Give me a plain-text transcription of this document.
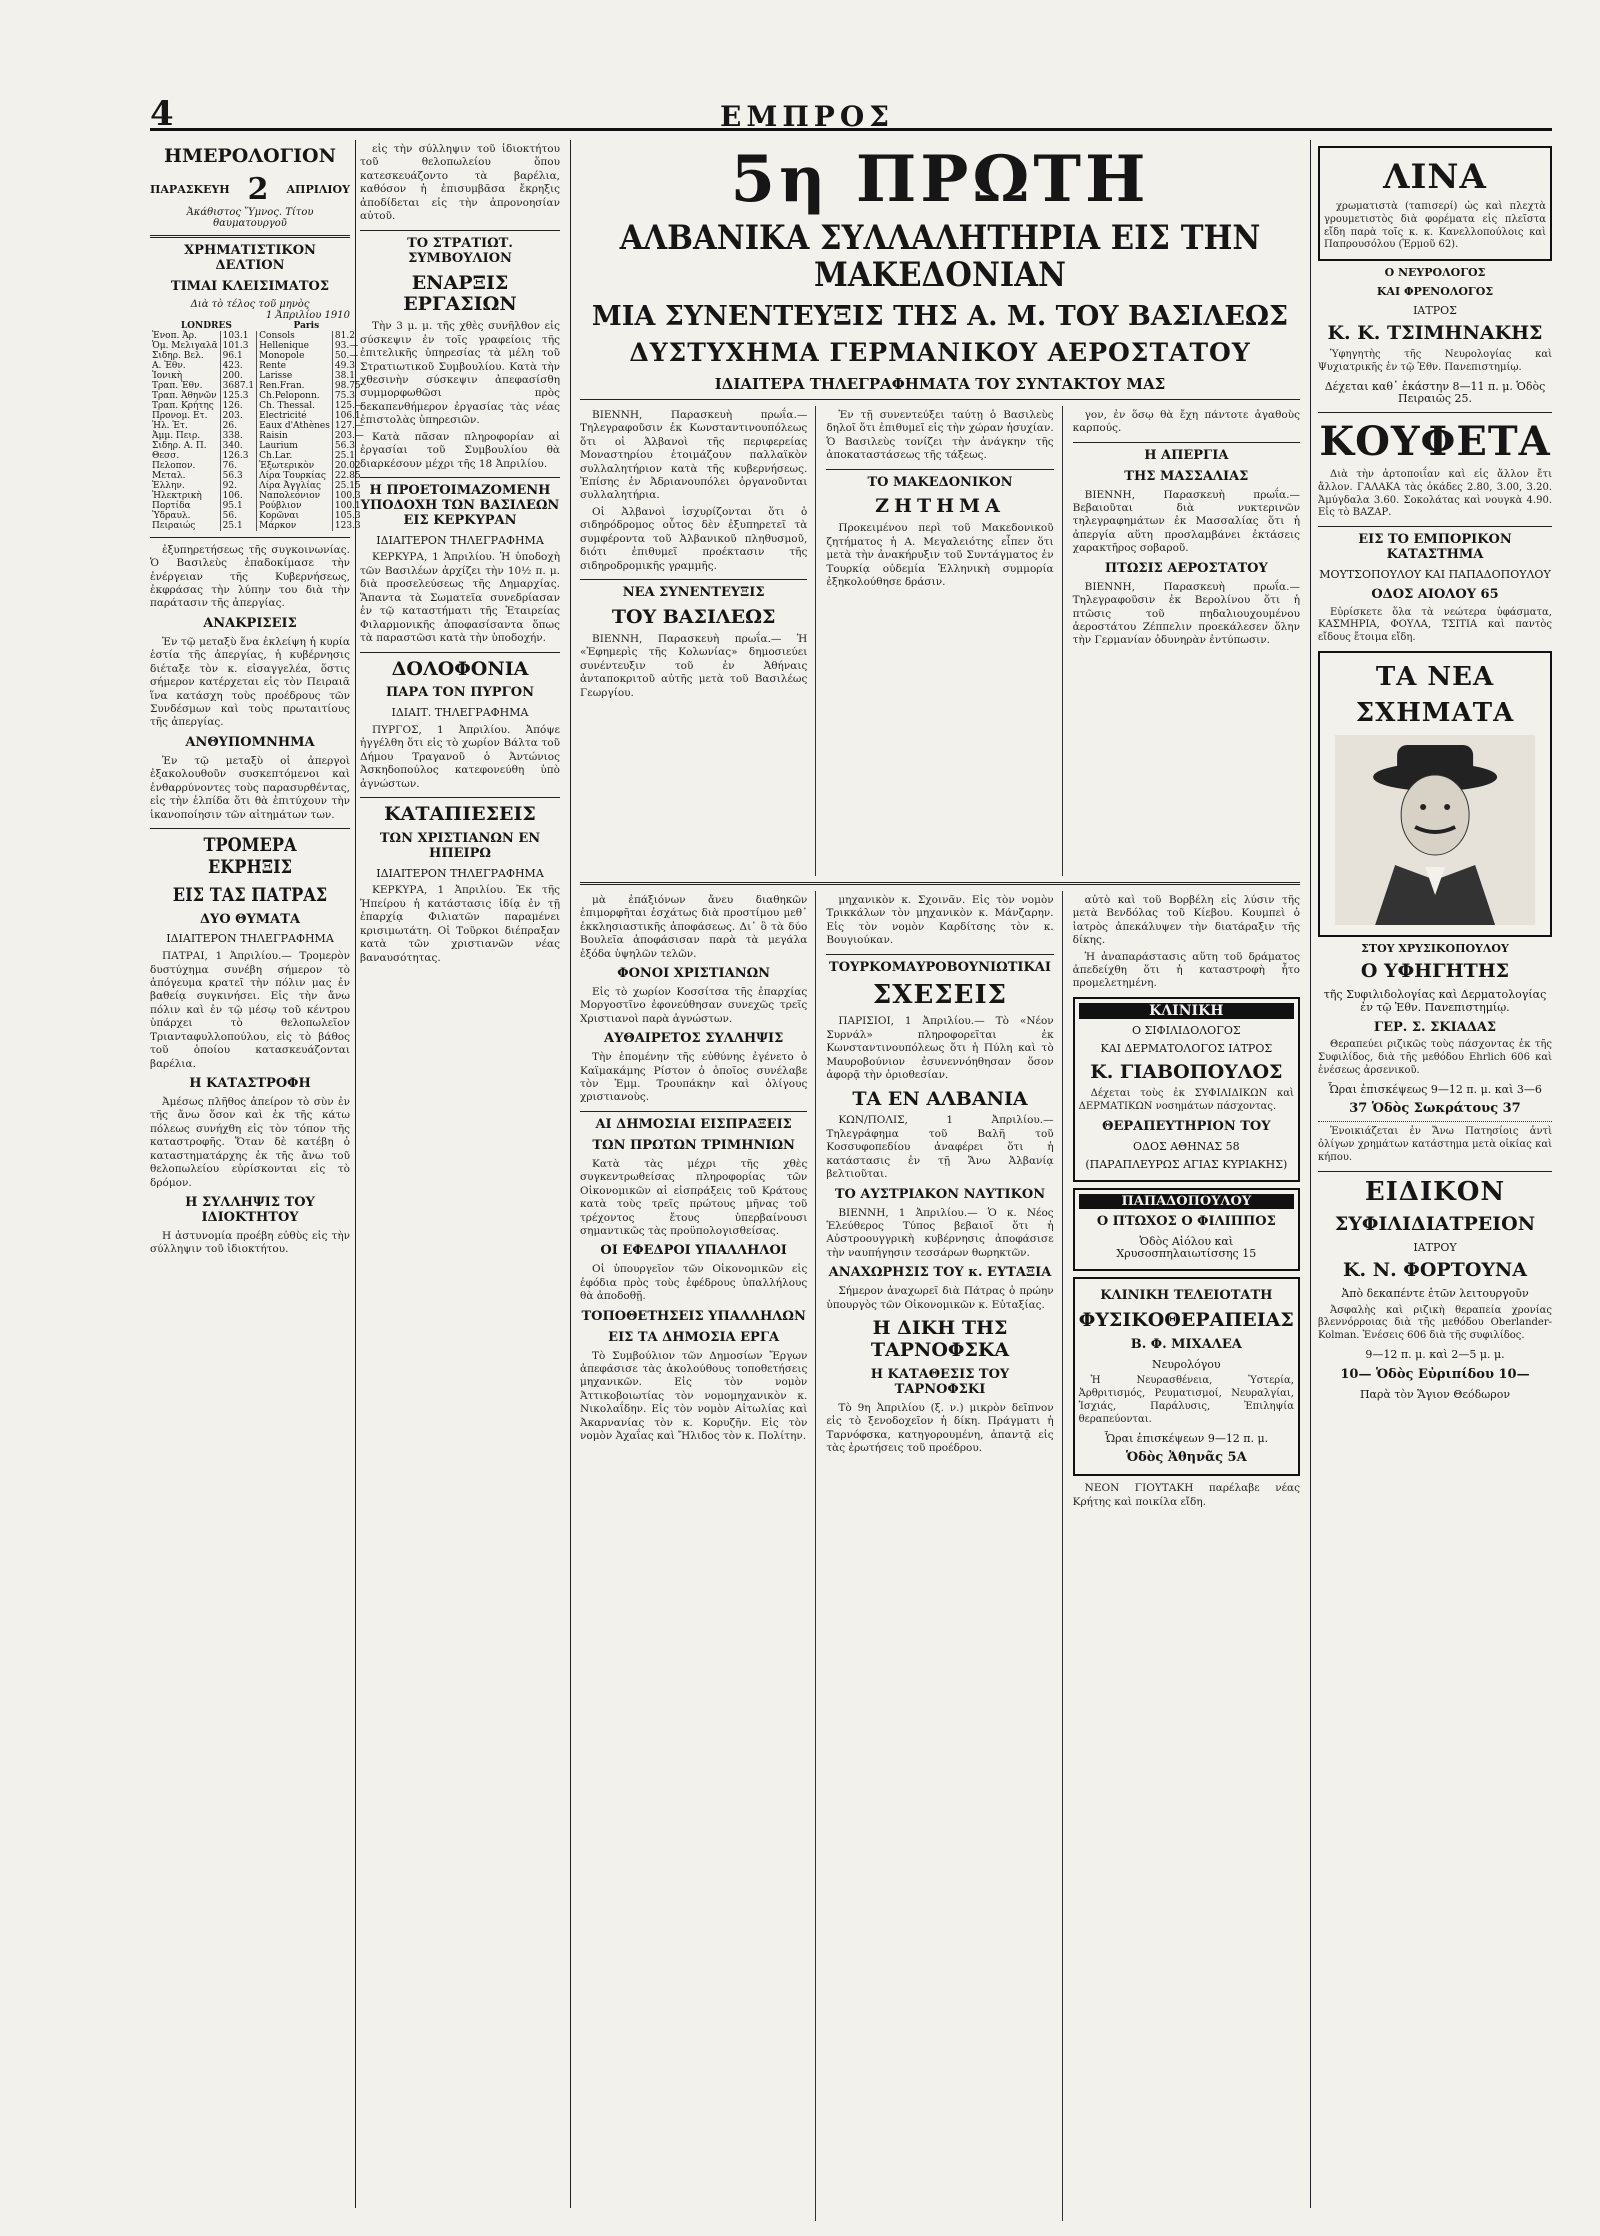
4	ΕΜΠΡΟΣ
ΗΜΕΡΟΛΟΓΙΟΝ
ΠΑΡΑΣΚΕΥΗ 2 ΑΠΡΙΛΙΟΥ
Ἀκάθιστος Ὕμνος. Τίτου θαυματουργοῦ
ΧΡΗΜΑΤΙΣΤΙΚΟΝ ΔΕΛΤΙΟΝ
ΤΙΜΑΙ ΚΛΕΙΣΙΜΑΤΟΣ
Διὰ τὸ τέλος τοῦ μηνὸς
1 Ἀπριλίου 1910
LONDRES	Paris
Ἐνοπ. Ἀρ.	103.1	Consols	81.2
Ὁμ. Μελιγαλᾶ	101.3	Hellenique	93.—
Σιδηρ. Βελ.	96.1	Monopole	50.—
Α. Ἐθν.	423.	Rente	49.3
Ἰονικὴ	200.	Larisse	38.1
Τραπ. Ἐθν.	3687.1	Ren.Fran.	98.75
Τραπ. Ἀθηνῶν	125.3	Ch.Peloponn.	75.3
Τραπ. Κρήτης	126.	Ch. Thessal.	125.—
Προνομ. Ετ.	203.	Electricité	106.1
Ἠλ. Ἑτ.	26.	Eaux d'Athènes	127.—
Ἀμμ. Πειρ.	338.	Raisin	203.—
Σιδηρ. Α. Π.	340.	Laurium	56.3
Θεσσ.	126.3	Ch.Lar.	25.1
Πελοπον.	76.	Ἐξωτερικὸν	20.02
Μεταλ.	56.3	Λίρα Τουρκίας	22.85
Ἑλλην.	92.	Λίρα Ἀγγλίας	25.15
Ἠλεκτρικὴ	106.	Ναπολεόνιον	100.3
Πορτίδα	95.1	Ρούβλιον	100.1
Ὑδραυλ.	56.	Κορῶναι	105.3
Πειραιώς	25.1	Μάρκον	123.3

ἐξυπηρετήσεως τῆς συγκοινωνίας. Ὁ Βασιλεὺς ἐπαδοκίμασε τὴν ἐνέργειαν τῆς Κυβερνήσεως, ἐκφράσας τὴν λύπην του διὰ τὴν παράτασιν τῆς ἀπεργίας.

ΑΝΑΚΡΙΣΕΙΣ

Ἐν τῷ μεταξὺ ἕνα ἐκλείψη ἡ κυρία ἑστία τῆς ἀπεργίας, ἡ κυβέρνησις διέταξε τὸν κ. εἰσαγγελέα, ὅστις σήμερον κατέρχεται εἰς τὸν Πειραιᾶ ἵνα κατάσχη τοὺς προέδρους τῶν Συνδέσμων καὶ τοὺς πρωταιτίους τῆς ἀπεργίας.

ΑΝΘΥΠΟΜΝΗΜΑ

Ἐν τῷ μεταξὺ οἱ ἀπεργοὶ ἐξακολουθοῦν συσκεπτόμενοι καὶ ἐνθαρρύνοντες τοὺς παρασυρθέντας, εἰς τὴν ἐλπίδα ὅτι θὰ ἐπιτύχουν τὴν ἱκανοποίησιν τῶν αἰτημάτων των.

ΤΡΟΜΕΡΑ ΕΚΡΗΞΙΣ
ΕΙΣ ΤΑΣ ΠΑΤΡΑΣ
ΔΥΟ ΘΥΜΑΤΑ
ΙΔΙΑΙΤΕΡΟΝ ΤΗΛΕΓΡΑΦΗΜΑ

ΠΑΤΡΑΙ, 1 Ἀπριλίου.— Τρομερὸν δυστύχημα συνέβη σήμερον τὸ ἀπόγευμα κρατεῖ τὴν πόλιν μας ἐν βαθείᾳ συγκινήσει. Εἰς τὴν ἄνω πόλιν καὶ ἐν τῷ μέσῳ τοῦ κέντρου ὑπάρχει τὸ θελοπωλεῖον Τριανταφυλλοπούλου, εἰς τὸ βάθος τοῦ ὁποίου κατασκευάζονται βαρέλια.

Η ΚΑΤΑΣΤΡΟΦΗ

Ἀμέσως πλῆθος ἀπείρον τὸ σὺν ἐν τῆς ἄνω ὅσον καὶ ἐκ τῆς κάτω πόλεως συνήχθη εἰς τὸν τόπον τῆς καταστροφῆς. Ὅταν δὲ κατέβη ὁ καταστηματάρχης ἐκ τῆς ἄνω τοῦ θελοπωλείου εὐρίσκονται εἰς τὸ δρόμον.

Η ΣΥΛΛΗΨΙΣ ΤΟΥ ΙΔΙΟΚΤΗΤΟΥ

Η ἀστυνομία προέβη εὐθὺς εἰς τὴν σύλληψιν τοῦ ἰδιοκτήτου.

εἰς τὴν σύλληψιν τοῦ ἰδιοκτήτου τοῦ θελοπωλείου ὅπου κατεσκευάζοντο τὰ βαρέλια, καθόσον ἡ ἐπισυμβᾶσα ἔκρηξις ἀποδίδεται εἰς τὴν ἀπρονοησίαν αὐτοῦ.

ΤΟ ΣΤΡΑΤΙΩΤ. ΣΥΜΒΟΥΛΙΟΝ
ΕΝΑΡΞΙΣ ΕΡΓΑΣΙΩΝ

Τὴν 3 μ. μ. τῆς χθὲς συνῆλθον εἰς σύσκεψιν ἐν τοῖς γραφείοις τῆς ἐπιτελικῆς ὑπηρεσίας τὰ μέλη τοῦ Στρατιωτικοῦ Συμβουλίου. Κατὰ τὴν χθεσινὴν σύσκεψιν ἀπεφασίσθη συμμορφωθῶσι πρὸς δεκαπενθήμερον ἐργασίας τὰς νέας ἐπιστολὰς ὑπηρεσιῶν.

Κατὰ πᾶσαν πληροφορίαν αἱ ἐργασίαι τοῦ Συμβουλίου θὰ διαρκέσουν μέχρι τῆς 18 Ἀπριλίου.

Η ΠΡΟΕΤΟΙΜΑΖΟΜΕΝΗ ΥΠΟΔΟΧΗ ΤΩΝ ΒΑΣΙΛΕΩΝ ΕΙΣ ΚΕΡΚΥΡΑΝ
ΙΔΙΑΙΤΕΡΟΝ ΤΗΛΕΓΡΑΦΗΜΑ

ΚΕΡΚΥΡΑ, 1 Ἀπριλίου. Ἡ ὑποδοχὴ τῶν Βασιλέων ἀρχίζει τὴν 10½ π. μ. διὰ προσελεύσεως τῆς Δημαρχίας. Ἅπαντα τὰ Σωματεῖα συνεδρίασαν ἐν τῷ καταστήματι τῆς Ἑταιρείας Φιλαρμονικῆς ἀποφασίσαντα ὅπως τὰ παραστῶσι κατὰ τὴν ὑποδοχήν.

ΔΟΛΟΦΟΝΙΑ
ΠΑΡΑ ΤΟΝ ΠΥΡΓΟΝ
ΙΔΙΑΙΤ. ΤΗΛΕΓΡΑΦΗΜΑ

ΠΥΡΓΟΣ, 1 Ἀπριλίου. Ἀπόψε ἠγγέλθη ὅτι εἰς τὸ χωρίον Βάλτα τοῦ Δήμου Τραγανοῦ ὁ Ἀντώνιος Ἀσκηδοπούλος κατεφονεύθη ὑπὸ ἀγνώστων.

ΚΑΤΑΠΙΕΣΕΙΣ
ΤΩΝ ΧΡΙΣΤΙΑΝΩΝ ΕΝ ΗΠΕΙΡΩ
ΙΔΙΑΙΤΕΡΟΝ ΤΗΛΕΓΡΑΦΗΜΑ

ΚΕΡΚΥΡΑ, 1 Ἀπριλίου. Ἐκ τῆς Ἠπείρου ἡ κατάστασις ἰδίᾳ ἐν τῇ ἐπαρχίᾳ Φιλιατῶν παραμένει κρισιμωτάτη. Οἱ Τοῦρκοι διέπραξαν κατὰ τῶν χριστιανῶν νέας βαναυσότητας.

5η ΠΡΩΤΗ
ΑΛΒΑΝΙΚΑ ΣΥΛΛΑΛΗΤΗΡΙΑ ΕΙΣ ΤΗΝ ΜΑΚΕΔΟΝΙΑΝ
ΜΙΑ ΣΥΝΕΝΤΕΥΞΙΣ ΤΗΣ Α. Μ. ΤΟΥ ΒΑΣΙΛΕΩΣ
ΔΥΣΤΥΧΗΜΑ ΓΕΡΜΑΝΙΚΟΥ ΑΕΡΟΣΤΑΤΟΥ
ΙΔΙΑΙΤΕΡΑ ΤΗΛΕΓΡΑΦΗΜΑΤΑ ΤΟΥ ΣΥΝΤΑΚΤΟΥ ΜΑΣ

ΒΙΕΝΝΗ, Παρασκευὴ πρωΐα.— Τηλεγραφοῦσιν ἐκ Κωνσταντινουπόλεως ὅτι οἱ Ἀλβανοὶ τῆς περιφερείας Μοναστηρίου ἑτοιμάζουν παλλαϊκὸν συλλαλητήριον κατὰ τῆς κυβερνήσεως. Ἐπίσης ἐν Ἀδριανουπόλει ὀργανοῦνται συλλαλητήρια.

Οἱ Ἀλβανοὶ ἰσχυρίζονται ὅτι ὁ σιδηρόδρομος οὗτος δὲν ἐξυπηρετεῖ τὰ συμφέροντα τοῦ Ἀλβανικοῦ πληθυσμοῦ, διότι ἐπιθυμεῖ προέκτασιν τῆς σιδηροδρομικῆς γραμμῆς.

ΝΕΑ ΣΥΝΕΝΤΕΥΞΙΣ
ΤΟΥ ΒΑΣΙΛΕΩΣ

ΒΙΕΝΝΗ, Παρασκευὴ πρωΐα.— Ἡ «Ἐφημερὶς τῆς Κολωνίας» δημοσιεύει συνέντευξιν τοῦ ἐν Ἀθήναις ἀνταποκριτοῦ αὐτῆς μετὰ τοῦ Βασιλέως Γεωργίου.

Ἐν τῇ συνεντεύξει ταύτῃ ὁ Βασιλεὺς δηλοῖ ὅτι ἐπιθυμεῖ εἰς τὴν χώραν ἡσυχίαν. Ὁ Βασιλεὺς τονίζει τὴν ἀνάγκην τῆς ἀποκαταστάσεως τῆς τάξεως.

ΤΟ ΜΑΚΕΔΟΝΙΚΟΝ
ΖΗΤΗΜΑ

Προκειμένου περὶ τοῦ Μακεδονικοῦ ζητήματος ἡ Α. Μεγαλειότης εἶπεν ὅτι μετὰ τὴν ἀνακήρυξιν τοῦ Συντάγματος ἐν Τουρκίᾳ οὐδεμία Ἑλληνικὴ συμμορία ἐξηκολούθησε δράσιν.

γον, ἐν ὅσῳ θὰ ἔχη πάντοτε ἀγαθοὺς καρπούς.

Η ΑΠΕΡΓΙΑ
ΤΗΣ ΜΑΣΣΑΛΙΑΣ

ΒΙΕΝΝΗ, Παρασκευὴ πρωΐα.— Βεβαιοῦται διὰ νυκτερινῶν τηλεγραφημάτων ἐκ Μασσαλίας ὅτι ἡ ἀπεργία αὕτη προσλαμβάνει ἐκτάσεις χαρακτῆρος σοβαροῦ.

ΠΤΩΣΙΣ ΑΕΡΟΣΤΑΤΟΥ

ΒΙΕΝΝΗ, Παρασκευὴ πρωΐα.— Τηλεγραφοῦσιν ἐκ Βερολίνου ὅτι ἡ πτῶσις τοῦ πηδαλιουχουμένου ἀεροστάτου Ζέππελιν προεκάλεσεν ὅλην τὴν Γερμανίαν ὀδυνηρὰν ἐντύπωσιν.

μὰ ἐπάξιόνων ἄνευ διαθηκῶν ἐπιμορφῆται ἐσχάτως διὰ προστίμου μεθ᾽ ἐκκλησιαστικῆς ἀποφάσεως. Δι᾽ ὃ τὰ δύο Βουλεῖα ἀποφάσισαν παρὰ τὰ μεγάλα ἐξόδα ὑψηλῶν τελῶν.

ΦΟΝΟΙ ΧΡΙΣΤΙΑΝΩΝ

Εἰς τὸ χωρίον Κοσσίτσα τῆς ἐπαρχίας Μοργοστῖνο ἐφονεύθησαν συνεχῶς τρεῖς Χριστιανοὶ παρὰ ἀγνώστων.

ΑΥΘΑΙΡΕΤΟΣ ΣΥΛΛΗΨΙΣ

Τὴν ἑπομένην τῆς εὐθύνης ἐγένετο ὁ Καϊμακάμης Ρίστον ὁ ὁποῖος συνέλαβε τὸν Ἐμμ. Τρουπάκην καὶ ὀλίγους χριστιανοὺς.

ΑΙ ΔΗΜΟΣΙΑΙ ΕΙΣΠΡΑΞΕΙΣ
ΤΩΝ ΠΡΩΤΩΝ ΤΡΙΜΗΝΙΩΝ

Κατὰ τὰς μέχρι τῆς χθὲς συγκεντρωθείσας πληροφορίας τῶν Οἰκονομικῶν αἱ εἰσπράξεις τοῦ Κράτους κατὰ τοὺς τρεῖς πρώτους μῆνας τοῦ τρέχοντος ἔτους ὑπερβαίνουσι σημαντικῶς τὰς προϋπολογισθείσας.

ΟΙ ΕΦΕΔΡΟΙ ΥΠΑΛΛΗΛΟΙ

Οἱ ὑπουργεῖον τῶν Οἰκονομικῶν εἰς ἐφόδια πρὸς τοὺς ἐφέδρους ὑπαλλήλους θὰ ἀποδοθῇ.

ΤΟΠΟΘΕΤΗΣΕΙΣ ΥΠΑΛΛΗΛΩΝ
ΕΙΣ ΤΑ ΔΗΜΟΣΙΑ ΕΡΓΑ

Τὸ Συμβούλιον τῶν Δημοσίων Ἔργων ἀπεφάσισε τὰς ἀκολούθους τοποθετήσεις μηχανικῶν. Εἰς τὸν νομὸν Ἀττικοβοιωτίας τὸν νομομηχανικὸν κ. Νικολαΐδην. Εἰς τὸν νομὸν Αἰτωλίας καὶ Ἀκαρνανίας τὸν κ. Κορυζῆν. Εἰς τὸν νομὸν Ἀχαΐας καὶ Ἤλιδος τὸν κ. Πολίτην.

μηχανικὸν κ. Σχοινᾶν. Εἰς τὸν νομὸν Τρικκάλων τὸν μηχανικὸν κ. Μάνζαρην. Εἰς τὸν νομὸν Καρδίτσης τὸν κ. Βουγιούκαν.

ΤΟΥΡΚΟΜΑΥΡΟΒΟΥΝΙΩΤΙΚΑΙ
ΣΧΕΣΕΙΣ

ΠΑΡΙΣΙΟΙ, 1 Ἀπριλίου.— Τὸ «Νέον Συρνάλ» πληροφορεῖται ἐκ Κωνσταντινουπόλεως ὅτι ἡ Πύλη καὶ τὸ Μαυροβούνιον ἐσυνεννόηθησαν ὅσον ἀφορᾷ τὴν ὁριοθεσίαν.

ΤΑ ΕΝ ΑΛΒΑΝΙΑ

ΚΩΝ/ΠΟΛΙΣ, 1 Ἀπριλίου.— Τηλεγράφημα τοῦ Βαλῆ τοῦ Κοσσυφοπεδίου ἀναφέρει ὅτι ἡ κατάστασις ἐν τῇ Ἄνω Ἀλβανίᾳ βελτιοῦται.

ΤΟ ΑΥΣΤΡΙΑΚΟΝ ΝΑΥΤΙΚΟΝ

ΒΙΕΝΝΗ, 1 Ἀπριλίου.— Ὁ κ. Νέος Ἐλεύθερος Τύπος βεβαιοῖ ὅτι ἡ Αὐστροουγγρικὴ κυβέρνησις ἀποφάσισε τὴν ναυπήγησιν τεσσάρων θωρηκτῶν.

ΑΝΑΧΩΡΗΣΙΣ ΤΟΥ κ. ΕΥΤΑΞΙΑ

Σήμερον ἀναχωρεῖ διὰ Πάτρας ὁ πρώην ὑπουργὸς τῶν Οἰκονομικῶν κ. Εὐταξίας.

Η ΔΙΚΗ ΤΗΣ ΤΑΡΝΟΦΣΚΑ
Η ΚΑΤΑΘΕΣΙΣ ΤΟΥ ΤΑΡΝΟΦΣΚΙ

Τὸ 9η Ἀπριλίου (ξ. ν.) μικρὸν δεῖπνον εἰς τὸ ξενοδοχεῖον ἡ δίκη. Πράγματι ἡ Ταρνόφσκα, κατηγορουμένη, ἀπαντᾷ εἰς τὰς ἐρωτήσεις τοῦ προέδρου.

αὐτὸ καὶ τοῦ Βορβέλη εἰς λύσιν τῆς μετὰ Βενδόλας τοῦ Κίεβου. Κουμπεὶ ὁ ἰατρὸς ἀπεκάλυψεν τὴν διατάραξιν τῆς δίκης.

Ἡ ἀναπαράστασις αὕτη τοῦ δράματος ἀπεδείχθη ὅτι ἡ καταστροφὴ ἦτο προμελετημένη.

ΚΛΙΝΙΚΗ
Ο ΣΙΦΙΛΙΔΟΛΟΓΟΣ
ΚΑΙ ΔΕΡΜΑΤΟΛΟΓΟΣ ΙΑΤΡΟΣ
Κ. ΓΙΑΒΟΠΟΥΛΟΣ

Δέχεται τοὺς ἐκ ΣΥΦΙΛΙΔΙΚΩΝ καὶ ΔΕΡΜΑΤΙΚΩΝ νοσημάτων πάσχοντας.

ΘΕΡΑΠΕΥΤΗΡΙΟΝ ΤΟΥ
ΟΔΟΣ ΑΘΗΝΑΣ 58
(ΠΑΡΑΠΛΕΥΡΩΣ ΑΓΙΑΣ ΚΥΡΙΑΚΗΣ)
ΠΑΠΑΔΟΠΟΥΛΟΥ
Ο ΠΤΩΧΟΣ Ο ΦΙΛΙΠΠΟΣ
Ὁδὸς Αἰόλου καὶ Χρυσοσπηλαιωτίσσης 15
ΚΛΙΝΙΚΗ ΤΕΛΕΙΟΤΑΤΗ
ΦΥΣΙΚΟΘΕΡΑΠΕΙΑΣ
Β. Φ. ΜΙΧΑΛΕΑ
Νευρολόγου

Ἡ Νευρασθένεια, Ὑστερία, Ἀρθριτισμός, Ρευματισμοί, Νευραλγίαι, Ἰσχιάς, Παράλυσις, Ἐπιληψία θεραπεύονται.

Ὧραι ἐπισκέψεων 9—12 π. μ.
Ὁδὸς Ἀθηνᾶς 5Α

ΝΕΟΝ ΓΙΟΥΤΑΚΗ παρέλαβε νέας Κρήτης καὶ ποικίλα εἴδη.

ΛΙΝΑ

χρωματιστὰ (ταπισερί) ὡς καὶ πλεχτὰ γρουμετιστὸς διὰ φορέματα εἰς πλεῖστα εἴδη παρὰ τοῖς κ. κ. Κανελλοπούλοις καὶ Παπρουσόλου (Ἑρμοῦ 62).

Ο ΝΕΥΡΟΛΟΓΟΣ
ΚΑΙ ΦΡΕΝΟΛΟΓΟΣ
ΙΑΤΡΟΣ
Κ. Κ. ΤΣΙΜΗΝΑΚΗΣ

Ὑφηγητὴς τῆς Νευρολογίας καὶ Ψυχιατρικῆς ἐν τῷ Ἐθν. Πανεπιστημίῳ.

Δέχεται καθ᾽ ἑκάστην 8—11 π. μ. Ὁδὸς Πειραιῶς 25.
ΚΟΥΦΕΤΑ

Διὰ τὴν ἀρτοποιΐαν καὶ εἰς ἄλλον ἔτι ἄλλον. ΓΑΛΑΚΑ τὰς ὀκάδες 2.80, 3.00, 3.20. Ἀμύγδαλα 3.60. Σοκολάτας καὶ νουγκὰ 4.90. Εἰς τὸ ΒΑΖΑΡ.

ΕΙΣ ΤΟ ΕΜΠΟΡΙΚΟΝ ΚΑΤΑΣΤΗΜΑ
ΜΟΥΤΣΟΠΟΥΛΟΥ ΚΑΙ ΠΑΠΑΔΟΠΟΥΛΟΥ
ΟΔΟΣ ΑΙΟΛΟΥ 65

Εὑρίσκετε ὅλα τὰ νεώτερα ὑφάσματα, ΚΑΣΜΗΡΙΑ, ΦΟΥΛΑ, ΤΣΙΤΙΑ καὶ παντὸς εἴδους ἔτοιμα εἴδη.

ΤΑ ΝΕΑ
ΣΧΗΜΑΤΑ
ΣΤΟΥ ΧΡΥΣΙΚΟΠΟΥΛΟΥ
Ο ΥΦΗΓΗΤΗΣ
τῆς Συφιλιδολογίας καὶ Δερματολογίας ἐν τῷ Ἐθν. Πανεπιστημίῳ.
ΓΕΡ. Σ. ΣΚΙΑΔΑΣ

Θεραπεύει ριζικῶς τοὺς πάσχοντας ἐκ τῆς Συφιλίδος, διὰ τῆς μεθόδου Ehrlich 606 καὶ ἐνέσεως ἀρσενικοῦ.

Ὧραι ἐπισκέψεως 9—12 π. μ. καὶ 3—6
37 Ὁδὸς Σωκράτους 37

Ἐνοικιάζεται ἐν Ἄνω Πατησίοις ἀντὶ ὀλίγων χρημάτων κατάστημα μετὰ οἰκίας καὶ κήπου.

ΕΙΔΙΚΟΝ
ΣΥΦΙΛΙΔΙΑΤΡΕΙΟΝ
ΙΑΤΡΟΥ
Κ. Ν. ΦΟΡΤΟΥΝΑ
Ἀπὸ δεκαπέντε ἐτῶν λειτουργοῦν

Ἀσφαλὴς καὶ ριζικὴ θεραπεία χρονίας βλεννόρροιας διὰ τῆς μεθόδου Oberlander-Kolman. Ἐνέσεις 606 διὰ τῆς συφιλίδος.

9—12 π. μ. καὶ 2—5 μ. μ.
10— Ὁδὸς Εὐριπίδου 10—
Παρὰ τὸν Ἅγιον Θεόδωρον
